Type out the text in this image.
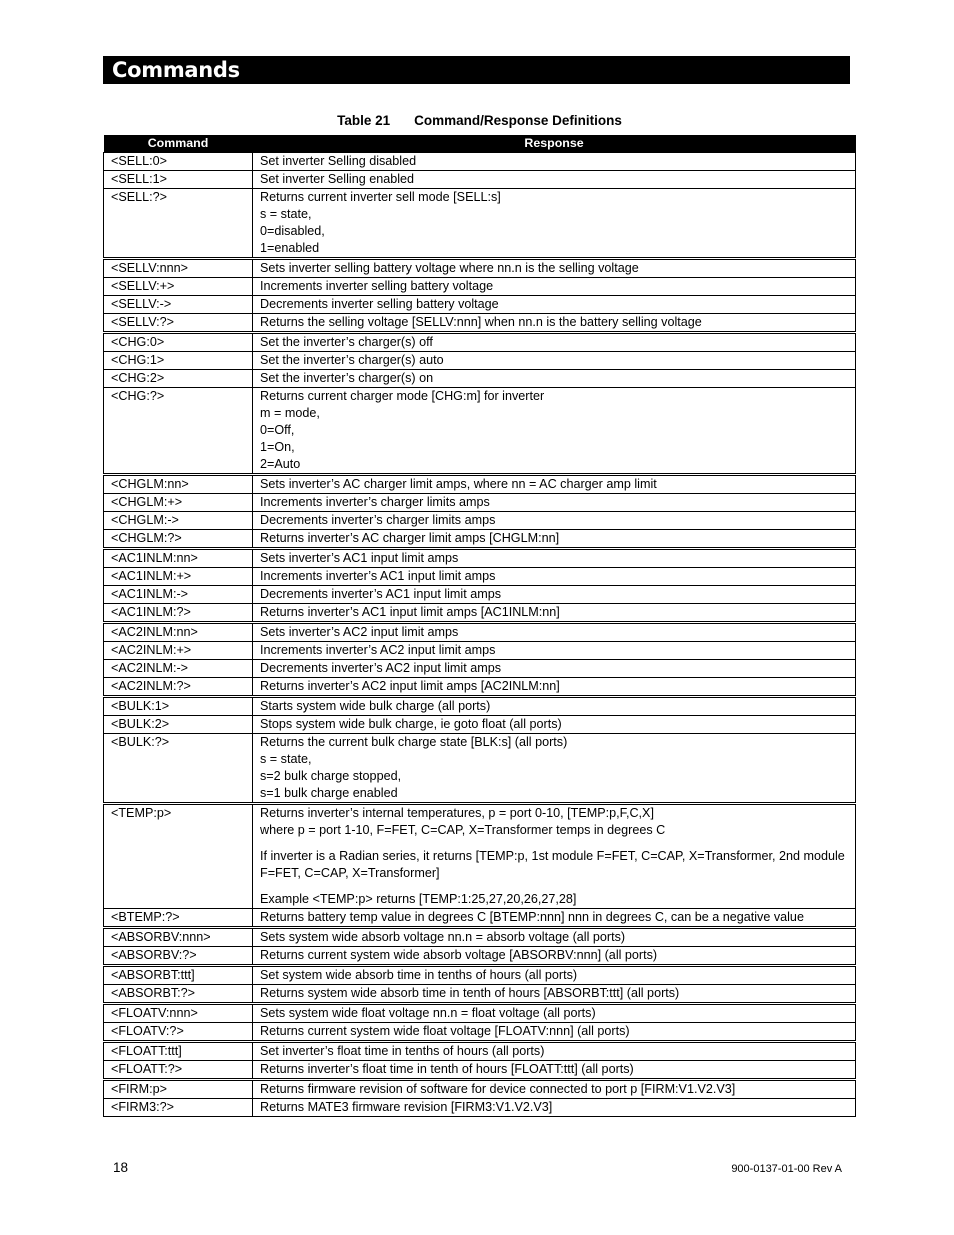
Commands
Table 21 Command/Response Definitions
Command	Response
<SELL:0>	Set inverter Selling disabled

<SELL:1>	Set inverter Selling enabled

<SELL:?>	Returns current inverter sell mode [SELL:s]
s = state,
0=disabled,
1=enabled

<SELLV:nnn>	Sets inverter selling battery voltage where nn.n is the selling voltage

<SELLV:+>	Increments inverter selling battery voltage

<SELLV:->	Decrements inverter selling battery voltage

<SELLV:?>	Returns the selling voltage [SELLV:nnn] when nn.n is the battery selling voltage

<CHG:0>	Set the inverter’s charger(s) off

<CHG:1>	Set the inverter’s charger(s) auto

<CHG:2>	Set the inverter’s charger(s) on

<CHG:?>	Returns current charger mode [CHG:m] for inverter
m = mode,
0=Off,
1=On,
2=Auto

<CHGLM:nn>	Sets inverter’s AC charger limit amps, where nn = AC charger amp limit

<CHGLM:+>	Increments inverter’s charger limits amps

<CHGLM:->	Decrements inverter’s charger limits amps

<CHGLM:?>	Returns inverter’s AC charger limit amps [CHGLM:nn]

<AC1INLM:nn>	Sets inverter’s AC1 input limit amps

<AC1INLM:+>	Increments inverter’s AC1 input limit amps

<AC1INLM:->	Decrements inverter’s AC1 input limit amps

<AC1INLM:?>	Returns inverter’s AC1 input limit amps [AC1INLM:nn]

<AC2INLM:nn>	Sets inverter’s AC2 input limit amps

<AC2INLM:+>	Increments inverter’s AC2 input limit amps

<AC2INLM:->	Decrements inverter’s AC2 input limit amps

<AC2INLM:?>	Returns inverter’s AC2 input limit amps [AC2INLM:nn]

<BULK:1>	Starts system wide bulk charge (all ports)

<BULK:2>	Stops system wide bulk charge, ie goto float (all ports)

<BULK:?>	Returns the current bulk charge state [BLK:s] (all ports)
s = state,
s=2 bulk charge stopped,
s=1 bulk charge enabled

<TEMP:p>	Returns inverter’s internal temperatures, p = port 0-10, [TEMP:p,F,C,X]
where p = port 1-10, F=FET, C=CAP, X=Transformer temps in degrees C
If inverter is a Radian series, it returns [TEMP:p, 1st module F=FET, C=CAP, X=Transformer, 2nd module F=FET, C=CAP, X=Transformer]
Example <TEMP:p> returns [TEMP:1:25,27,20,26,27,28]

<BTEMP:?>	Returns battery temp value in degrees C [BTEMP:nnn] nnn in degrees C, can be a negative value

<ABSORBV:nnn>	Sets system wide absorb voltage nn.n = absorb voltage (all ports)

<ABSORBV:?>	Returns current system wide absorb voltage [ABSORBV:nnn] (all ports)

<ABSORBT:ttt]	Set system wide absorb time in tenths of hours (all ports)

<ABSORBT:?>	Returns system wide absorb time in tenth of hours [ABSORBT:ttt] (all ports)

<FLOATV:nnn>	Sets system wide float voltage nn.n = float voltage (all ports)

<FLOATV:?>	Returns current system wide float voltage [FLOATV:nnn] (all ports)

<FLOATT:ttt]	Set inverter’s float time in tenths of hours (all ports)

<FLOATT:?>	Returns inverter’s float time in tenth of hours [FLOATT:ttt] (all ports)

<FIRM:p>	Returns firmware revision of software for device connected to port p [FIRM:V1.V2.V3]

<FIRM3:?>	Returns MATE3 firmware revision [FIRM3:V1.V2.V3]
18	900-0137-01-00 Rev A
